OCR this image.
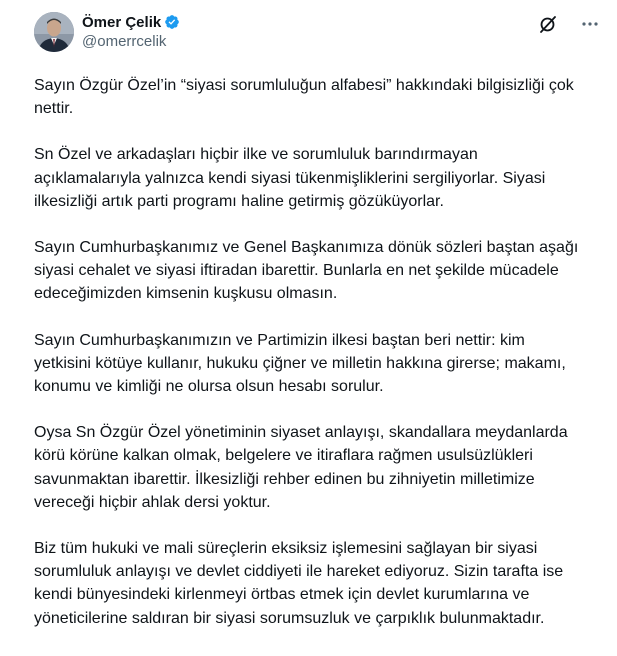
Ömer Çelik
@omerrcelik

Sayın Özgür Özel’in “siyasi sorumluluğun alfabesi” hakkındaki bilgisizliği çok nettir.

Sn Özel ve arkadaşları hiçbir ilke ve sorumluluk barındırmayan açıklamalarıyla yalnızca kendi siyasi tükenmişliklerini sergiliyorlar. Siyasi ilkesizliği artık parti programı haline getirmiş gözüküyorlar.

Sayın Cumhurbaşkanımız ve Genel Başkanımıza dönük sözleri baştan aşağı siyasi cehalet ve siyasi iftiradan ibarettir. Bunlarla en net şekilde mücadele edeceğimizden kimsenin kuşkusu olmasın.

Sayın Cumhurbaşkanımızın ve Partimizin ilkesi baştan beri nettir: kim yetkisini kötüye kullanır, hukuku çiğner ve milletin hakkına girerse; makamı, konumu ve kimliği ne olursa olsun hesabı sorulur.

Oysa Sn Özgür Özel yönetiminin siyaset anlayışı, skandallara meydanlarda körü körüne kalkan olmak, belgelere ve itiraflara rağmen usulsüzlükleri savunmaktan ibarettir. İlkesizliği rehber edinen bu zihniyetin milletimize vereceği hiçbir ahlak dersi yoktur.

Biz tüm hukuki ve mali süreçlerin eksiksiz işlemesini sağlayan bir siyasi sorumluluk anlayışı ve devlet ciddiyeti ile hareket ediyoruz. Sizin tarafta ise kendi bünyesindeki kirlenmeyi örtbas etmek için devlet kurumlarına ve yöneticilerine saldıran bir siyasi sorumsuzluk ve çarpıklık bulunmaktadır.
